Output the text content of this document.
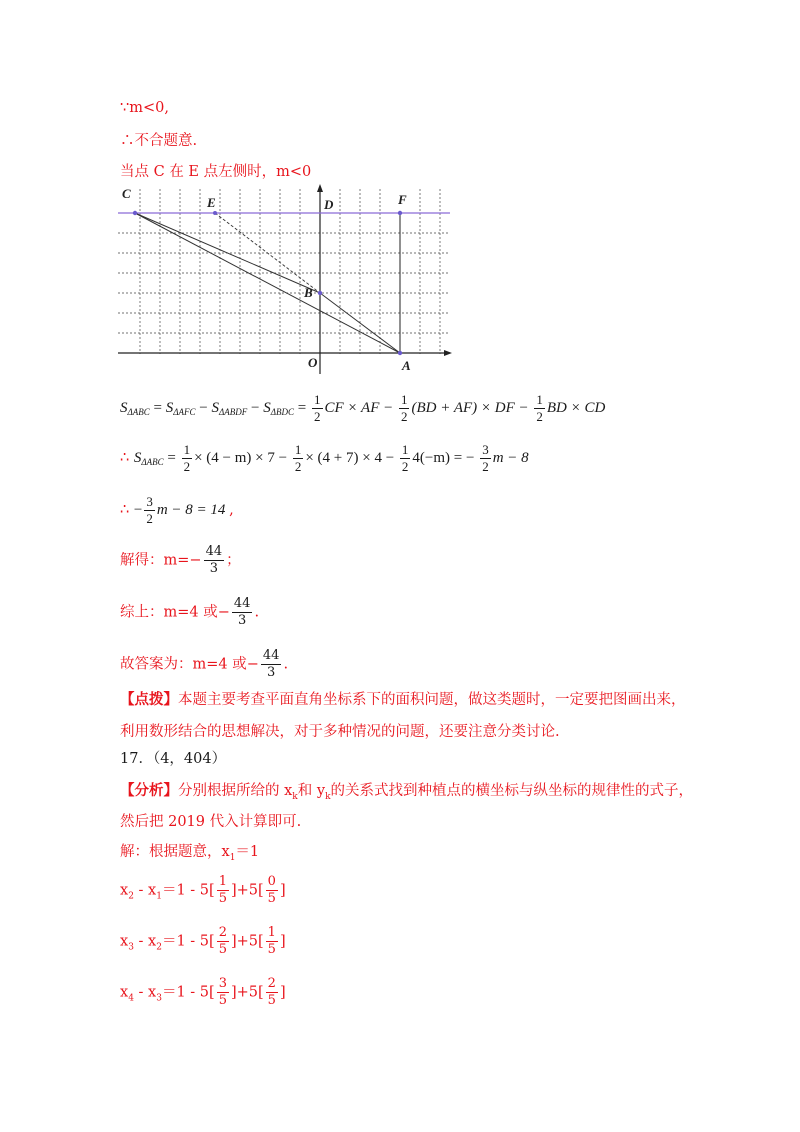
∵m<0,
∴不合题意.
当点 C 在 E 点左侧时，m<0
C
E	D	F
B
O	A
$S_{\Delta ABC} = S_{\Delta AFC} - S_{\Delta ABDF} - S_{\Delta BDC} = \frac{1}{2}$ CF × AF − $\frac{1}{2} (BD + AF)$ × DF − $\frac{1}{2}$ BD × CD
∴ $S_{\Delta ABC} = \frac{1}{2} \times (4 - m) \times 7 - \frac{1}{2} \times (4 + 7) \times 4 - \frac{1}{2} 4(-m)$ = − $\frac{3}{2}$ m − 8
∴ − $\frac{3}{2}$ m − 8 = 14 ,
解得：$m=- \frac{44}{3}$ ；
综上：m=4 或− $\frac{44}{3}$ .
故答案为：m=4 或− $\frac{44}{3}$ .
【点拨】本题主要考查平面直角坐标系下的面积问题，做这类题时，一定要把图画出来，
利用数形结合的思想解决，对于多种情况的问题，还要注意分类讨论.
17．（4，404）
【分析】分别根据所给的 $x_k$和 $y_k$的关系式找到种植点的横坐标与纵坐标的规律性的式子，
然后把 2019 代入计算即可.
解：根据题意，$x_1=1$
$x_2 - x_1=1 - 5[ \frac{1}{5} ]+5[ \frac{0}{5}$ ]
$x_3 - x_2=1 - 5[ \frac{2}{5} ]+5[ \frac{1}{5}$ ]
$x_4 - x_3=1 - 5[ \frac{3}{5} ]+5[ \frac{2}{5}$ ]
